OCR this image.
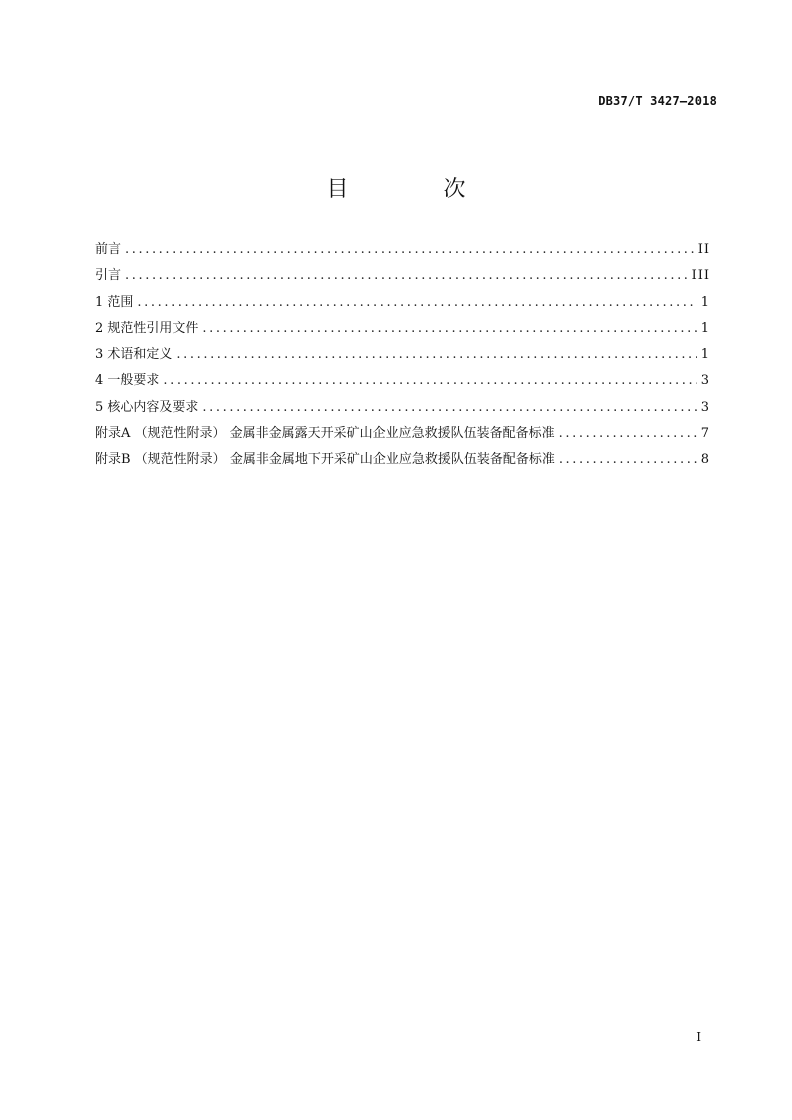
DB37/T 3427—2018
目 次
前言 .....	II
引言 .....	III
1 范围 .....	1
2 规范性引用文件 .....	1
3 术语和定义 .....	1
4 一般要求 .....	3
5 核心内容及要求 .....	3
附录A （规范性附录） 金属非金属露天开采矿山企业应急救援队伍装备配备标准 .....	7
附录B （规范性附录） 金属非金属地下开采矿山企业应急救援队伍装备配备标准 .....	8
I
